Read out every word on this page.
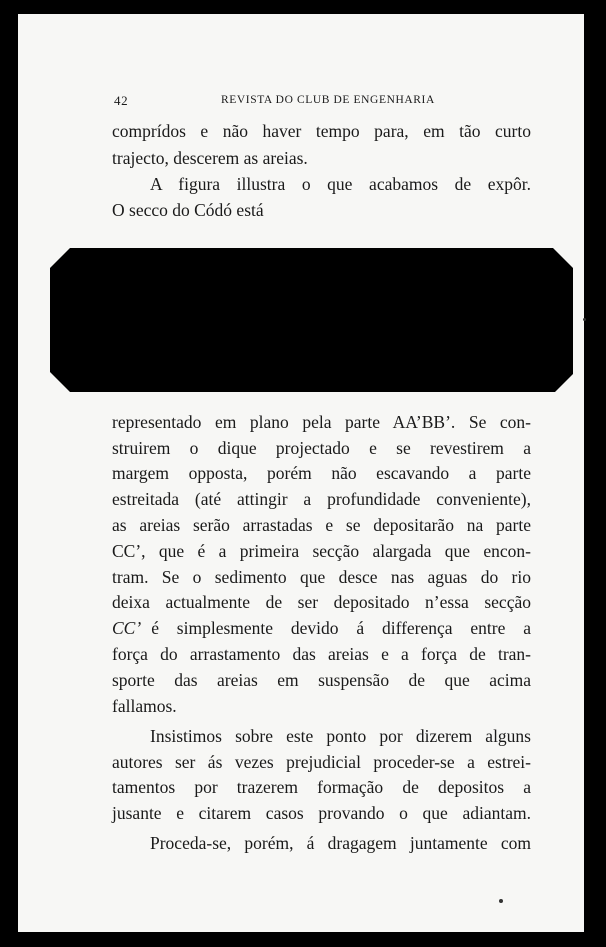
42	REVISTA DO CLUB DE ENGENHARIA
comprídos e não haver tempo para, em tão curto
trajecto, descerem as areias.
A figura illustra o que acabamos de expôr.
O secco do Códó está
representado em plano pela parte AA’BB’. Se con-
struirem o dique projectado e se revestirem a
margem opposta, porém não escavando a parte
estreitada (até attingir a profundidade conveniente),
as areias serão arrastadas e se depositarão na parte
CC’, que é a primeira secção alargada que encon-
tram. Se o sedimento que desce nas aguas do rio
deixa actualmente de ser depositado n’essa secção
CC’ é simplesmente devido á differença entre a
força do arrastamento das areias e a força de tran-
sporte das areias em suspensão de que acima
fallamos.
Insistimos sobre este ponto por dizerem alguns
autores ser ás vezes prejudicial proceder-se a estrei-
tamentos por trazerem formação de depositos a
jusante e citarem casos provando o que adiantam.
Proceda-se, porém, á dragagem juntamente com
